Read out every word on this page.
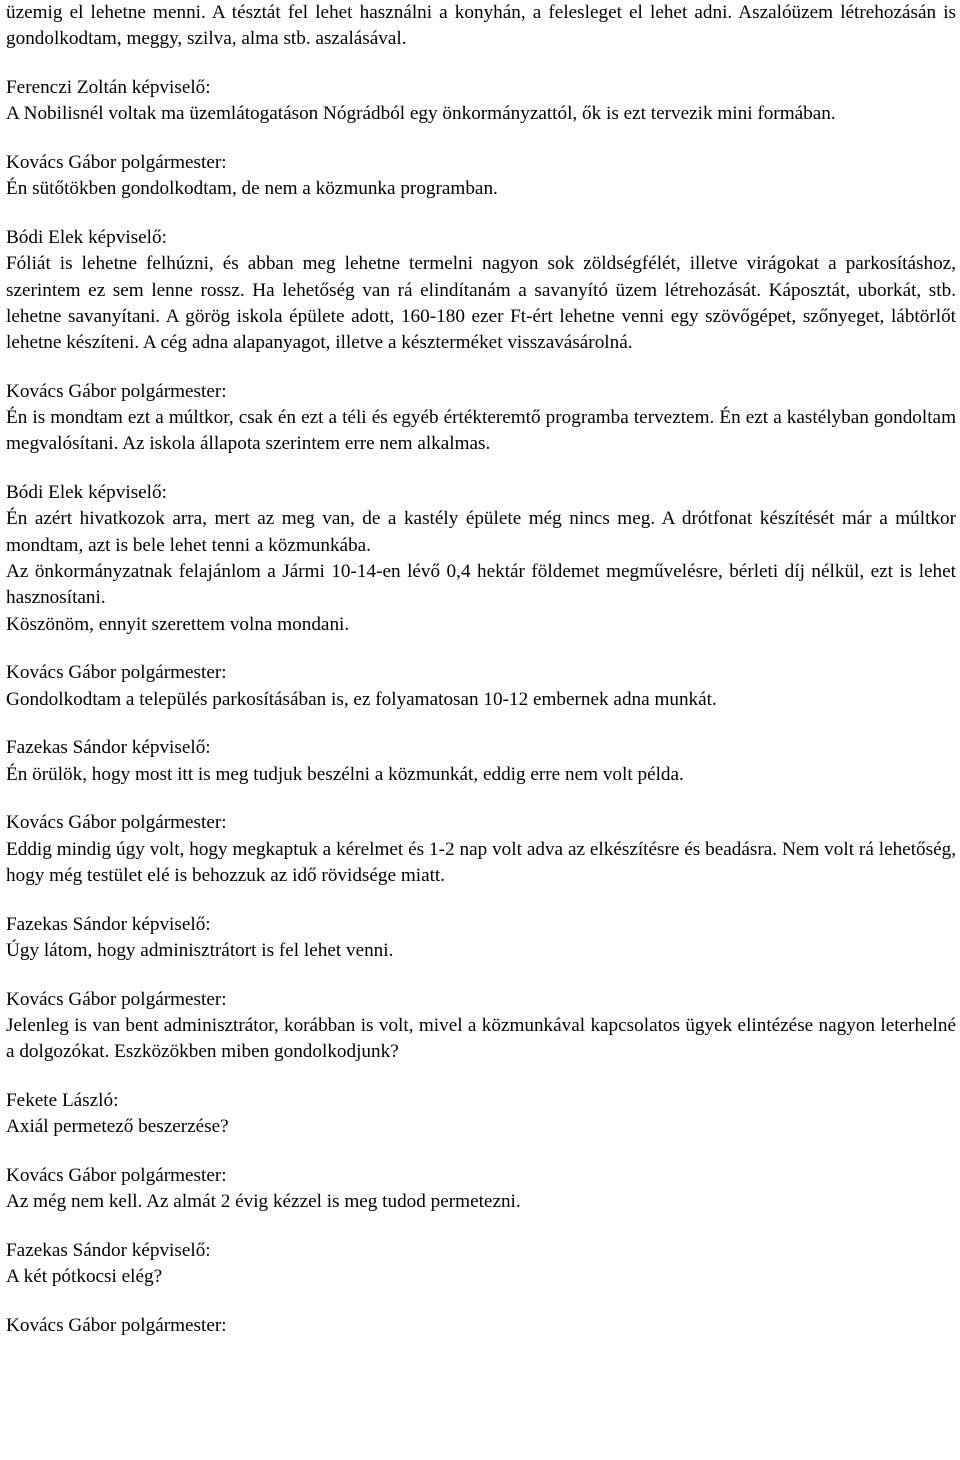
üzemig el lehetne menni. A tésztát fel lehet használni a konyhán, a felesleget el lehet adni. Aszalóüzem létrehozásán is gondolkodtam, meggy, szilva, alma stb. aszalásával.

Ferenczi Zoltán képviselő:

A Nobilisnél voltak ma üzemlátogatáson Nógrádból egy önkormányzattól, ők is ezt tervezik mini formában.

Kovács Gábor polgármester:

Én sütőtökben gondolkodtam, de nem a közmunka programban.

Bódi Elek képviselő:

Fóliát is lehetne felhúzni, és abban meg lehetne termelni nagyon sok zöldségfélét, illetve virágokat a parkosításhoz, szerintem ez sem lenne rossz. Ha lehetőség van rá elindítanám a savanyító üzem létrehozását. Káposztát, uborkát, stb. lehetne savanyítani. A görög iskola épülete adott, 160-180 ezer Ft-ért lehetne venni egy szövőgépet, szőnyeget, lábtörlőt lehetne készíteni. A cég adna alapanyagot, illetve a készterméket visszavásárolná.

Kovács Gábor polgármester:

Én is mondtam ezt a múltkor, csak én ezt a téli és egyéb értékteremtő programba terveztem. Én ezt a kastélyban gondoltam megvalósítani. Az iskola állapota szerintem erre nem alkalmas.

Bódi Elek képviselő:

Én azért hivatkozok arra, mert az meg van, de a kastély épülete még nincs meg. A drótfonat készítését már a múltkor mondtam, azt is bele lehet tenni a közmunkába.

Az önkormányzatnak felajánlom a Jármi 10-14-en lévő 0,4 hektár földemet megművelésre, bérleti díj nélkül, ezt is lehet hasznosítani.

Köszönöm, ennyit szerettem volna mondani.

Kovács Gábor polgármester:

Gondolkodtam a település parkosításában is, ez folyamatosan 10-12 embernek adna munkát.

Fazekas Sándor képviselő:

Én örülök, hogy most itt is meg tudjuk beszélni a közmunkát, eddig erre nem volt példa.

Kovács Gábor polgármester:

Eddig mindig úgy volt, hogy megkaptuk a kérelmet és 1-2 nap volt adva az elkészítésre és beadásra. Nem volt rá lehetőség, hogy még testület elé is behozzuk az idő rövidsége miatt.

Fazekas Sándor képviselő:

Úgy látom, hogy adminisztrátort is fel lehet venni.

Kovács Gábor polgármester:

Jelenleg is van bent adminisztrátor, korábban is volt, mivel a közmunkával kapcsolatos ügyek elintézése nagyon leterhelné a dolgozókat. Eszközökben miben gondolkodjunk?

Fekete László:

Axiál permetező beszerzése?

Kovács Gábor polgármester:

Az még nem kell. Az almát 2 évig kézzel is meg tudod permetezni.

Fazekas Sándor képviselő:

A két pótkocsi elég?

Kovács Gábor polgármester:
